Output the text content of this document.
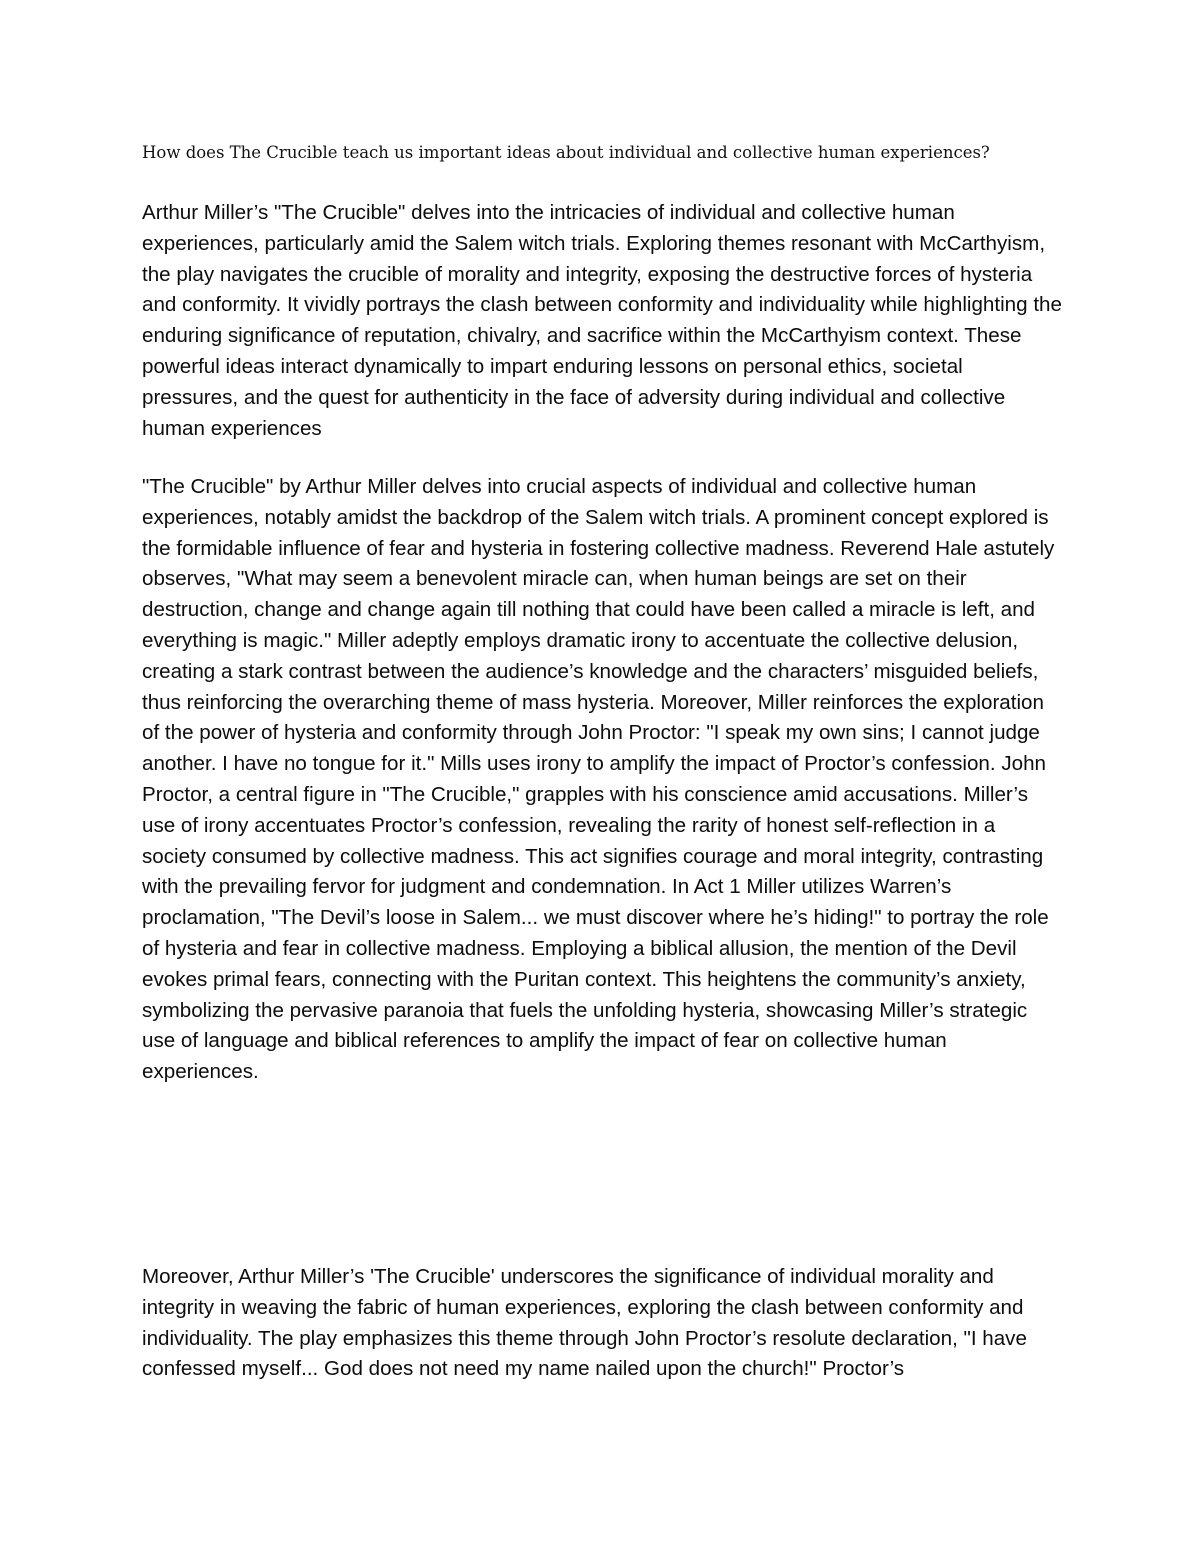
How does The Crucible teach us important ideas about individual and collective human experiences?

Arthur Miller’s "The Crucible" delves into the intricacies of individual and collective human experiences, particularly amid the Salem witch trials. Exploring themes resonant with McCarthyism, the play navigates the crucible of morality and integrity, exposing the destructive forces of hysteria and conformity. It vividly portrays the clash between conformity and individuality while highlighting the enduring significance of reputation, chivalry, and sacrifice within the McCarthyism context. These powerful ideas interact dynamically to impart enduring lessons on personal ethics, societal pressures, and the quest for authenticity in the face of adversity during individual and collective human experiences

"The Crucible" by Arthur Miller delves into crucial aspects of individual and collective human experiences, notably amidst the backdrop of the Salem witch trials. A prominent concept explored is the formidable influence of fear and hysteria in fostering collective madness. Reverend Hale astutely observes, "What may seem a benevolent miracle can, when human beings are set on their destruction, change and change again till nothing that could have been called a miracle is left, and everything is magic." Miller adeptly employs dramatic irony to accentuate the collective delusion, creating a stark contrast between the audience’s knowledge and the characters’ misguided beliefs, thus reinforcing the overarching theme of mass hysteria. Moreover, Miller reinforces the exploration of the power of hysteria and conformity through John Proctor: "I speak my own sins; I cannot judge another. I have no tongue for it." Mills uses irony to amplify the impact of Proctor’s confession. John Proctor, a central figure in "The Crucible," grapples with his conscience amid accusations. Miller’s use of irony accentuates Proctor’s confession, revealing the rarity of honest self-reflection in a society consumed by collective madness. This act signifies courage and moral integrity, contrasting with the prevailing fervor for judgment and condemnation. In Act 1 Miller utilizes Warren’s proclamation, "The Devil’s loose in Salem... we must discover where he’s hiding!" to portray the role of hysteria and fear in collective madness. Employing a biblical allusion, the mention of the Devil evokes primal fears, connecting with the Puritan context. This heightens the community’s anxiety, symbolizing the pervasive paranoia that fuels the unfolding hysteria, showcasing Miller’s strategic use of language and biblical references to amplify the impact of fear on collective human experiences.

Moreover, Arthur Miller’s 'The Crucible' underscores the significance of individual morality and integrity in weaving the fabric of human experiences, exploring the clash between conformity and individuality. The play emphasizes this theme through John Proctor’s resolute declaration, "I have confessed myself... God does not need my name nailed upon the church!" Proctor’s
